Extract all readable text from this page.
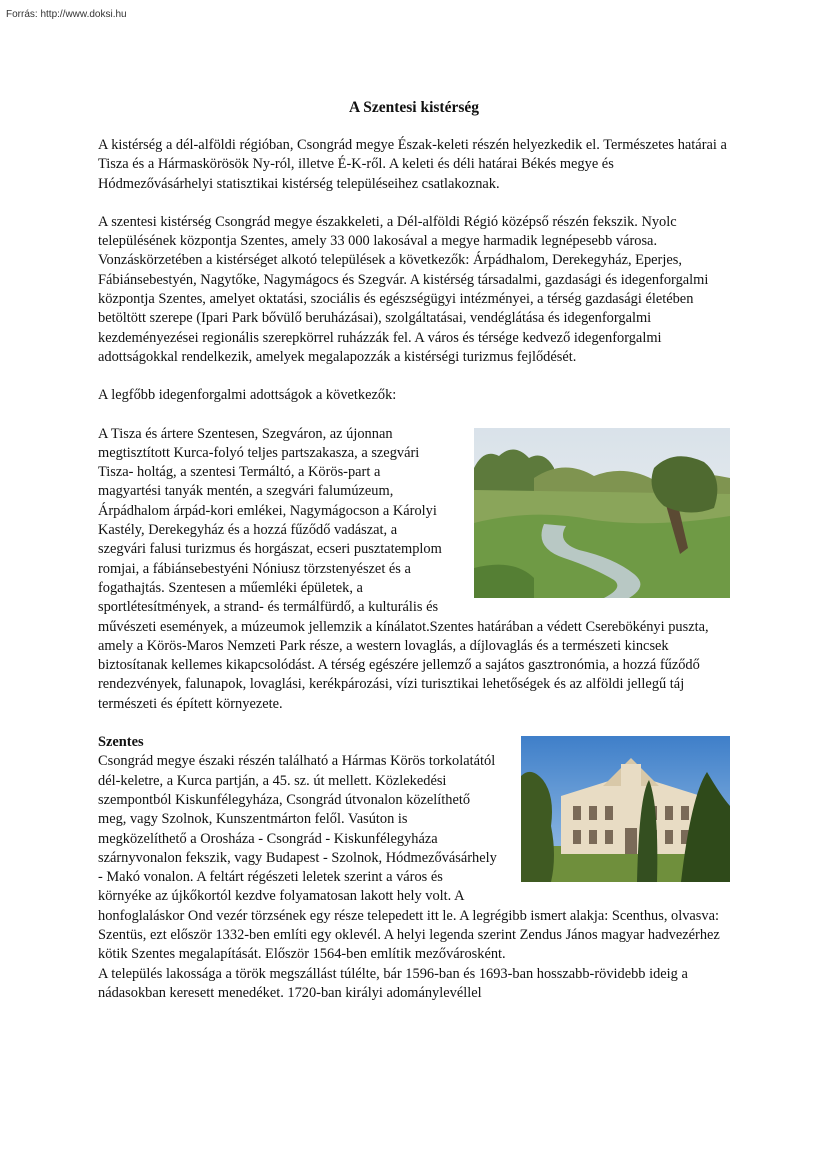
Forrás: http://www.doksi.hu
A Szentesi kistérség

A kistérség a dél-alföldi régióban, Csongrád megye Észak-keleti részén helyezkedik el. Természetes határai a Tisza és a Hármaskörösök Ny-ról, illetve É-K-ről. A keleti és déli határai Békés megye és Hódmezővásárhelyi statisztikai kistérség településeihez csatlakoznak.

A szentesi kistérség Csongrád megye északkeleti, a Dél-alföldi Régió középső részén fekszik. Nyolc településének központja Szentes, amely 33 000 lakosával a megye harmadik legnépesebb városa. Vonzáskörzetében a kistérséget alkotó települések a következők: Árpádhalom, Derekegyház, Eperjes, Fábiánsebestyén, Nagytőke, Nagymágocs és Szegvár. A kistérség társadalmi, gazdasági és idegenforgalmi központja Szentes, amelyet oktatási, szociális és egészségügyi intézményei, a térség gazdasági életében betöltött szerepe (Ipari Park bővülő beruházásai), szolgáltatásai, vendéglátása és idegenforgalmi kezdeményezései regionális szerepkörrel ruházzák fel. A város és térsége kedvező idegenforgalmi adottságokkal rendelkezik, amelyek megalapozzák a kistérségi turizmus fejlődését.

A legfőbb idegenforgalmi adottságok a következők:

A Tisza és ártere Szentesen, Szegváron, az újonnan megtisztított Kurca-folyó teljes partszakasza, a szegvári Tisza- holtág, a szentesi Termáltó, a Körös-part a magyartési tanyák mentén, a szegvári falumúzeum, Árpádhalom árpád-kori emlékei, Nagymágocson a Károlyi Kastély, Derekegyház és a hozzá fűződő vadászat, a szegvári falusi turizmus és horgászat, ecseri pusztatemplom romjai, a fábiánsebestyéni Nóniusz törzstenyészet és a fogathajtás. Szentesen a műemléki épületek, a sportlétesítmények, a strand- és termálfürdő, a kulturális és művészeti események, a múzeumok jellemzik a kínálatot.Szentes határában a védett Cserebökényi puszta, amely a Körös-Maros Nemzeti Park része, a western lovaglás, a díjlovaglás és a természeti kincsek biztosítanak kellemes kikapcsolódást. A térség egészére jellemző a sajátos gasztronómia, a hozzá fűződő rendezvények, falunapok, lovaglási, kerékpározási, vízi turisztikai lehetőségek és az alföldi jellegű táj természeti és épített környezete.

Szentes

Csongrád megye északi részén található a Hármas Körös torkolatától dél-keletre, a Kurca partján, a 45. sz. út mellett. Közlekedési szempontból Kiskunfélegyháza, Csongrád útvonalon közelíthető meg, vagy Szolnok, Kunszentmárton felől. Vasúton is megközelíthető a Orosháza - Csongrád - Kiskunfélegyháza szárnyvonalon fekszik, vagy Budapest - Szolnok, Hódmezővásárhely - Makó vonalon. A feltárt régészeti leletek szerint a város és környéke az újkőkortól kezdve folyamatosan lakott hely volt. A honfoglaláskor Ond vezér törzsének egy része telepedett itt le. A legrégibb ismert alakja: Scenthus, olvasva: Szentüs, ezt először 1332-ben említi egy oklevél. A helyi legenda szerint Zendus János magyar hadvezérhez kötik Szentes megalapítását. Először 1564-ben említik mezővárosként.

A település lakossága a török megszállást túlélte, bár 1596-ban és 1693-ban hosszabb-rövidebb ideig a nádasokban keresett menedéket. 1720-ban királyi adománylevéllel
